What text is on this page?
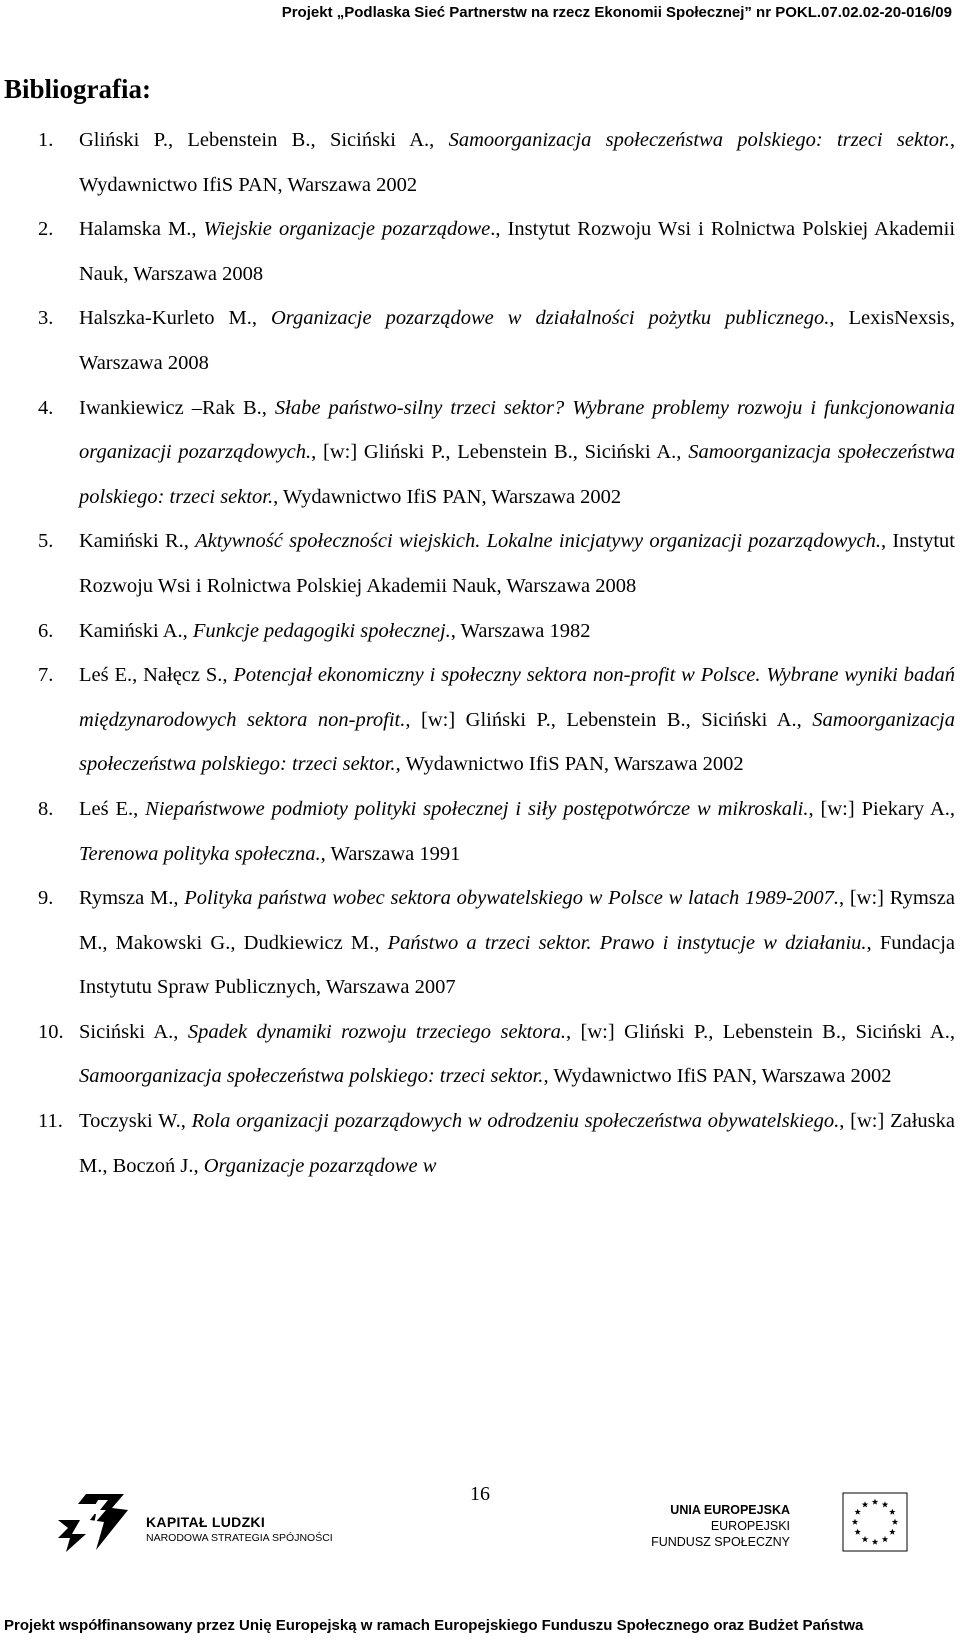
Projekt „Podlaska Sieć Partnerstw na rzecz Ekonomii Społecznej” nr POKL.07.02.02-20-016/09
Bibliografia:
1. Gliński P., Lebenstein B., Siciński A., Samoorganizacja społeczeństwa polskiego: trzeci sektor., Wydawnictwo IfiS PAN, Warszawa 2002
2. Halamska M., Wiejskie organizacje pozarządowe., Instytut Rozwoju Wsi i Rolnictwa Polskiej Akademii Nauk, Warszawa 2008
3. Halszka-Kurleto M., Organizacje pozarządowe w działalności pożytku publicznego., LexisNexsis, Warszawa 2008
4. Iwankiewicz –Rak B., Słabe państwo-silny trzeci sektor? Wybrane problemy rozwoju i funkcjonowania organizacji pozarządowych., [w:] Gliński P., Lebenstein B., Siciński A., Samoorganizacja społeczeństwa polskiego: trzeci sektor., Wydawnictwo IfiS PAN, Warszawa 2002
5. Kamiński R., Aktywność społeczności wiejskich. Lokalne inicjatywy organizacji pozarządowych., Instytut Rozwoju Wsi i Rolnictwa Polskiej Akademii Nauk, Warszawa 2008
6. Kamiński A., Funkcje pedagogiki społecznej., Warszawa 1982
7. Leś E., Nałęcz S., Potencjał ekonomiczny i społeczny sektora non-profit w Polsce. Wybrane wyniki badań międzynarodowych sektora non-profit., [w:] Gliński P., Lebenstein B., Siciński A., Samoorganizacja społeczeństwa polskiego: trzeci sektor., Wydawnictwo IfiS PAN, Warszawa 2002
8. Leś E., Niepaństwowe podmioty polityki społecznej i siły postępotwórcze w mikroskali., [w:] Piekary A., Terenowa polityka społeczna., Warszawa 1991
9. Rymsza M., Polityka państwa wobec sektora obywatelskiego w Polsce w latach 1989-2007., [w:] Rymsza M., Makowski G., Dudkiewicz M., Państwo a trzeci sektor. Prawo i instytucje w działaniu., Fundacja Instytutu Spraw Publicznych, Warszawa 2007
10. Siciński A., Spadek dynamiki rozwoju trzeciego sektora., [w:] Gliński P., Lebenstein B., Siciński A., Samoorganizacja społeczeństwa polskiego: trzeci sektor., Wydawnictwo IfiS PAN, Warszawa 2002
11. Toczyski W., Rola organizacji pozarządowych w odrodzeniu społeczeństwa obywatelskiego., [w:] Załuska M., Boczoń J., Organizacje pozarządowe w
16
KAPITAŁ LUDZKI
NARODOWA STRATEGIA SPÓJNOŚCI
UNIA EUROPEJSKA
EUROPEJSKI
FUNDUSZ SPOŁECZNY
Projekt współfinansowany przez Unię Europejską w ramach Europejskiego Funduszu Społecznego oraz Budżet Państwa
